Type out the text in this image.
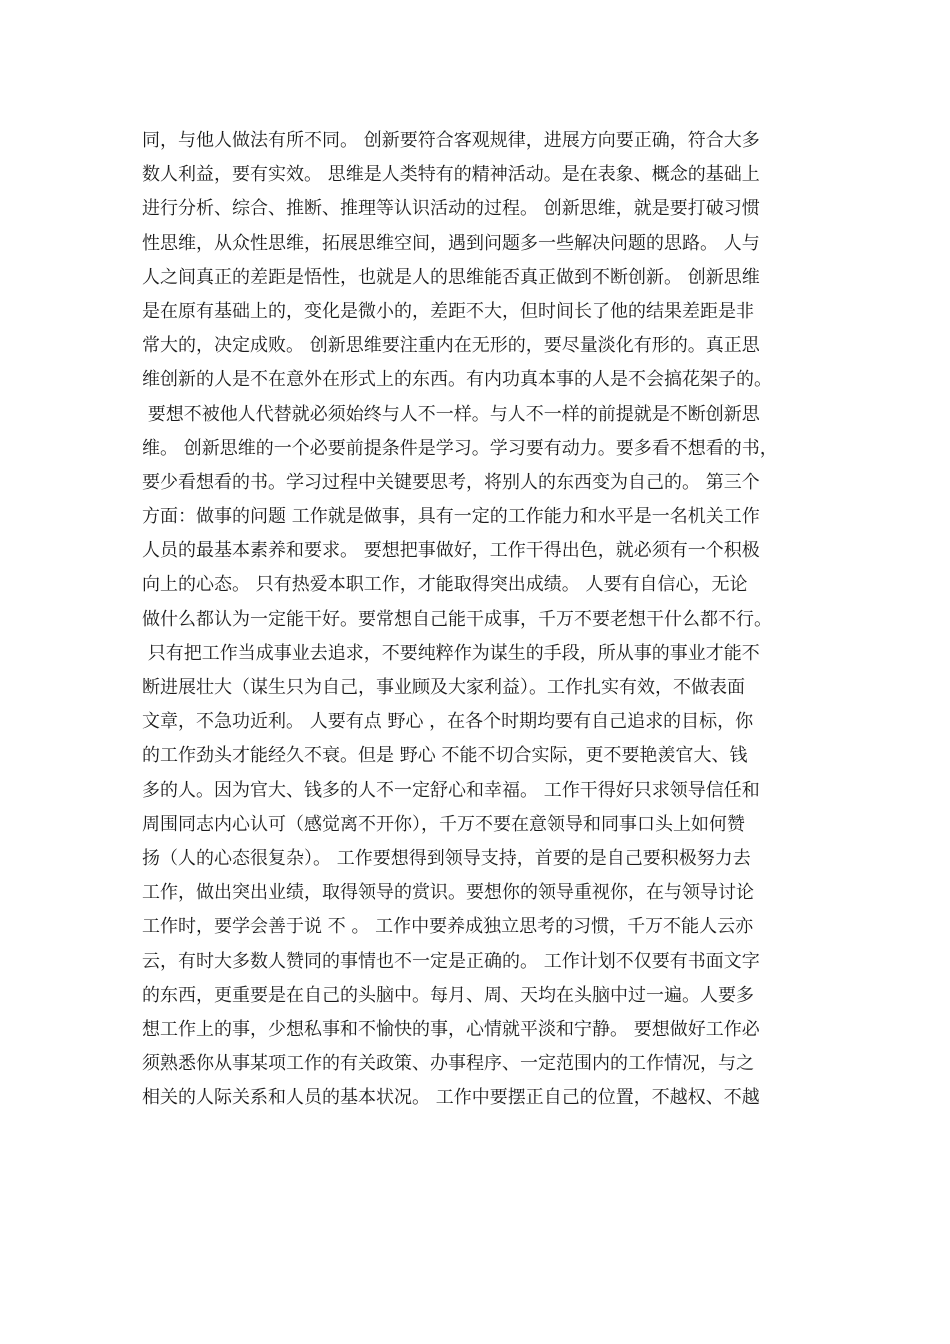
同，与他人做法有所不同。 创新要符合客观规律，进展方向要正确，符合大多
数人利益，要有实效。 思维是人类特有的精神活动。是在表象、概念的基础上
进行分析、综合、推断、推理等认识活动的过程。 创新思维，就是要打破习惯
性思维，从众性思维，拓展思维空间，遇到问题多一些解决问题的思路。 人与
人之间真正的差距是悟性，也就是人的思维能否真正做到不断创新。 创新思维
是在原有基础上的，变化是微小的，差距不大，但时间长了他的结果差距是非
常大的，决定成败。 创新思维要注重内在无形的，要尽量淡化有形的。真正思
维创新的人是不在意外在形式上的东西。有内功真本事的人是不会搞花架子的。
要想不被他人代替就必须始终与人不一样。与人不一样的前提就是不断创新思
维。 创新思维的一个必要前提条件是学习。学习要有动力。要多看不想看的书，
要少看想看的书。学习过程中关键要思考，将别人的东西变为自己的。 第三个
方面：做事的问题 工作就是做事，具有一定的工作能力和水平是一名机关工作
人员的最基本素养和要求。 要想把事做好，工作干得出色，就必须有一个积极
向上的心态。 只有热爱本职工作，才能取得突出成绩。 人要有自信心，无论
做什么都认为一定能干好。要常想自己能干成事，千万不要老想干什么都不行。
只有把工作当成事业去追求，不要纯粹作为谋生的手段，所从事的事业才能不
断进展壮大（谋生只为自己，事业顾及大家利益）。工作扎实有效，不做表面
文章，不急功近利。 人要有点 野心 ，在各个时期均要有自己追求的目标，你
的工作劲头才能经久不衰。但是 野心 不能不切合实际，更不要艳羡官大、钱
多的人。因为官大、钱多的人不一定舒心和幸福。 工作干得好只求领导信任和
周围同志内心认可（感觉离不开你），千万不要在意领导和同事口头上如何赞
扬（人的心态很复杂）。 工作要想得到领导支持，首要的是自己要积极努力去
工作，做出突出业绩，取得领导的赏识。要想你的领导重视你，在与领导讨论
工作时，要学会善于说 不 。 工作中要养成独立思考的习惯，千万不能人云亦
云，有时大多数人赞同的事情也不一定是正确的。 工作计划不仅要有书面文字
的东西，更重要是在自己的头脑中。每月、周、天均在头脑中过一遍。人要多
想工作上的事，少想私事和不愉快的事，心情就平淡和宁静。 要想做好工作必
须熟悉你从事某项工作的有关政策、办事程序、一定范围内的工作情况，与之
相关的人际关系和人员的基本状况。 工作中要摆正自己的位置，不越权、不越
